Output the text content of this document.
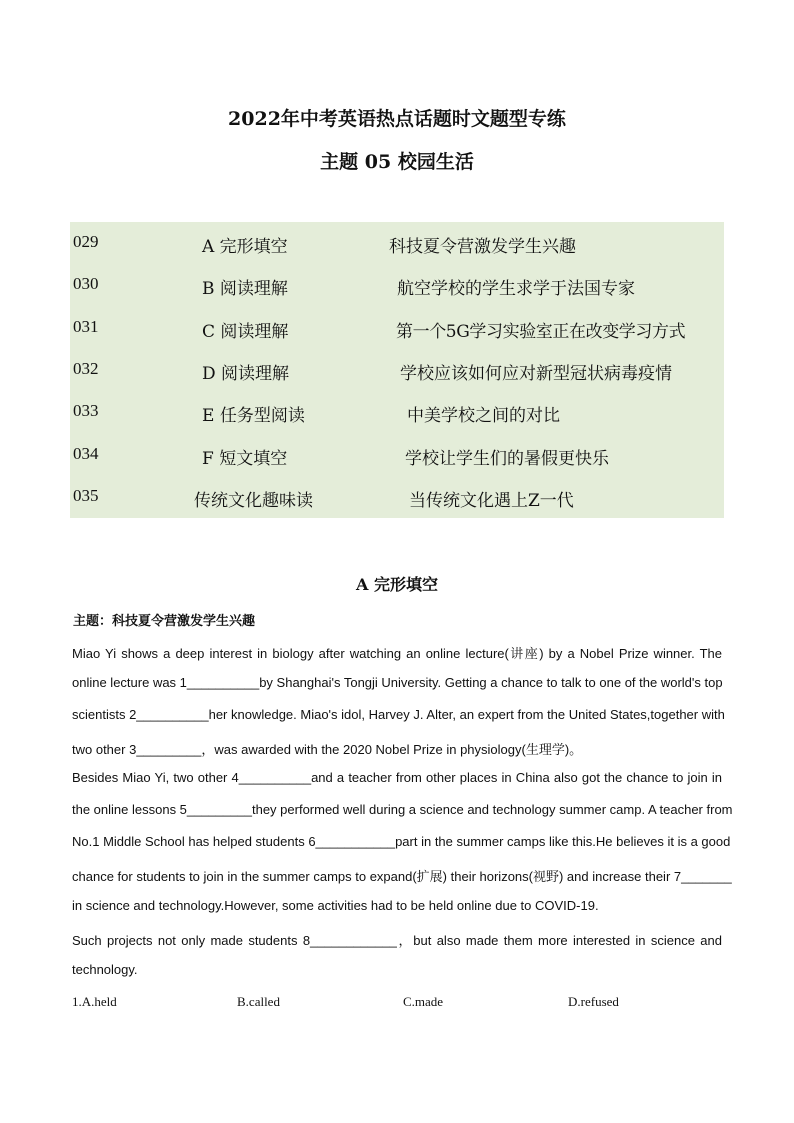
2022年中考英语热点话题时文题型专练
主题 05 校园生活
029	A 完形填空	科技夏令营激发学生兴趣
030	B 阅读理解	航空学校的学生求学于法国专家
031	C 阅读理解	第一个5G学习实验室正在改变学习方式
032	D 阅读理解	学校应该如何应对新型冠状病毒疫情
033	E 任务型阅读	中美学校之间的对比
034	F 短文填空	学校让学生们的暑假更快乐
035	传统文化趣味读	当传统文化遇上Z一代
A 完形填空
主题：科技夏令营激发学生兴趣
Miao Yi shows a deep interest in biology after watching an online lecture(讲座) by a Nobel Prize winner. The
online lecture was 1__________by Shanghai's Tongji University. Getting a chance to talk to one of the world's top
scientists 2__________her knowledge. Miao's idol, Harvey J. Alter, an expert from the United States,together with
two other 3_________，was awarded with the 2020 Nobel Prize in physiology(生理学)。
Besides Miao Yi, two other 4__________and a teacher from other places in China also got the chance to join in
the online lessons 5_________they performed well during a science and technology summer camp. A teacher from
No.1 Middle School has helped students 6___________part in the summer camps like this.He believes it is a good
chance for students to join in the summer camps to expand(扩展) their horizons(视野) and increase their 7_______
in science and technology.However, some activities had to be held online due to COVID-19.
Such projects not only made students 8____________，but also made them more interested in science and
technology.
1.A.held	B.called	C.made	D.refused
